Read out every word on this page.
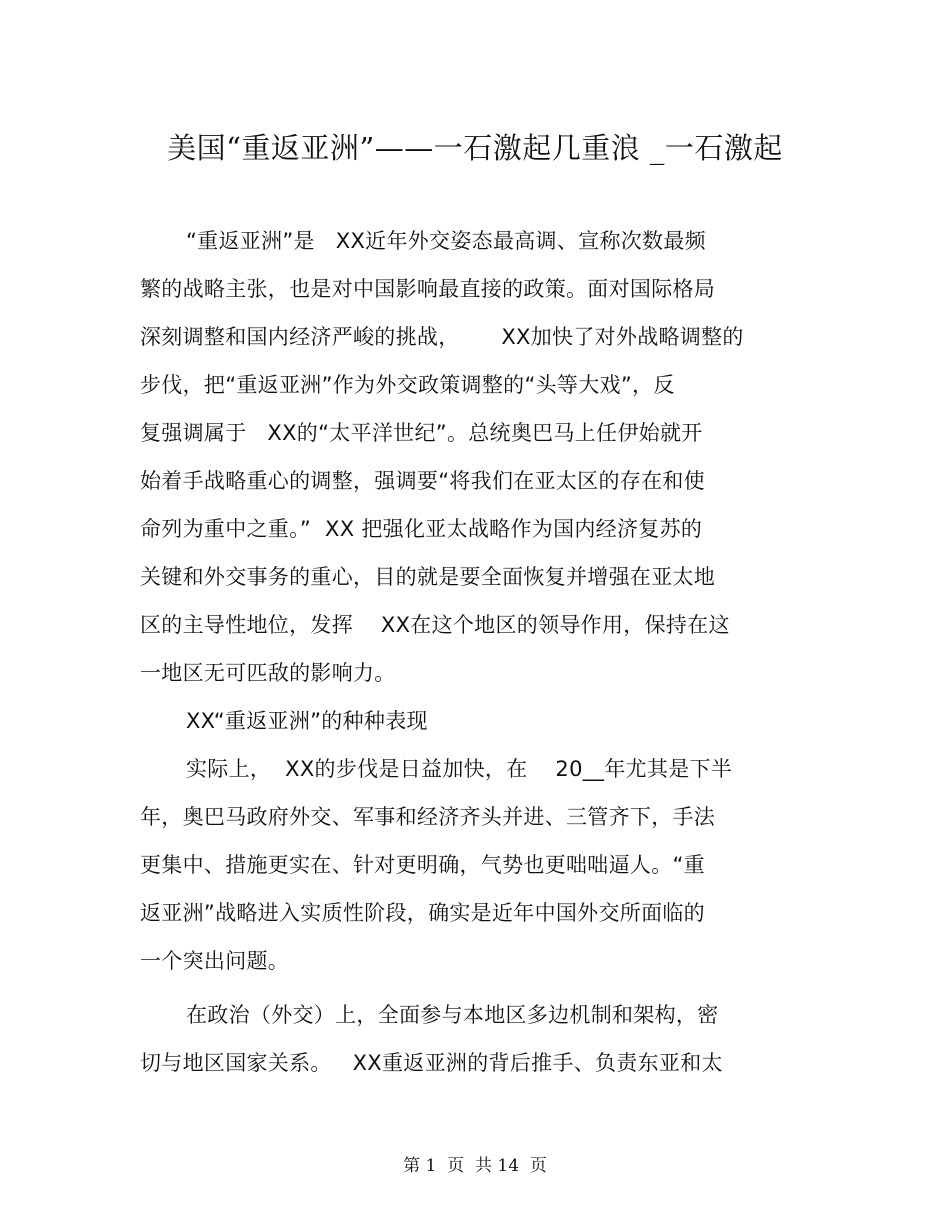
美国“重返亚洲”——一石激起几重浪 _一石激起
“重返亚洲”是   XX近年外交姿态最高调、宣称次数最频
繁的战略主张，也是对中国影响最直接的政策。面对国际格局
深刻调整和国内经济严峻的挑战，      XX加快了对外战略调整的
步伐，把“重返亚洲”作为外交政策调整的“头等大戏”，反
复强调属于   XX的“太平洋世纪”。总统奥巴马上任伊始就开
始着手战略重心的调整，强调要“将我们在亚太区的存在和使
命列为重中之重。”  XX 把强化亚太战略作为国内经济复苏的
关键和外交事务的重心，目的就是要全面恢复并增强在亚太地
区的主导性地位，发挥    XX在这个地区的领导作用，保持在这
一地区无可匹敌的影响力。
XX“重返亚洲”的种种表现
实际上，  XX的步伐是日益加快，在    20__年尤其是下半
年，奥巴马政府外交、军事和经济齐头并进、三管齐下，手法
更集中、措施更实在、针对更明确，气势也更咄咄逼人。“重
返亚洲”战略进入实质性阶段，确实是近年中国外交所面临的
一个突出问题。
在政治（外交）上，全面参与本地区多边机制和架构，密
切与地区国家关系。   XX重返亚洲的背后推手、负责东亚和太
第 1  页  共 14  页
